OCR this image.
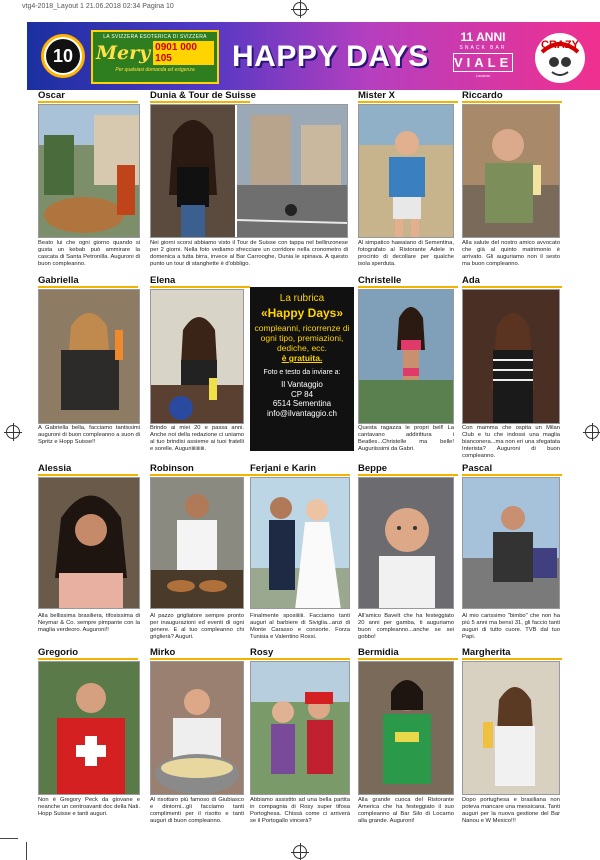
vtg4-2018_Layout 1 21.06.2018 02:34 Pagina 10
10
LA SVIZZERA ESOTERICA DI SVIZZERA
Mery 0901 000 105
Per qualsiasi domanda ed esigenza	HAPPY DAYS
11 ANNI
SNACK BAR
VIALE
Locarno
CRAZY
Oscar
Beato lui che ogni giorno quando si gusta un kebab può ammirare la cascata di Santa Petronilla. Auguroni di buon compleanno.
Dunia & Tour de Suisse
Nei giorni scorsi abbiamo visto il Tour de Suisse con tappa nel bellinzonese per 2 giorni. Nella foto vediamo sfrecciare un corridore nella cronometro di domenica a tutta birra, invece al Bar Carrooghe, Dunia le spinava. A questo punto un tour di stanghette è d'obbligo.
Mister X
Al simpatico hawaiano di Sementina, fotografato al Ristorante Adele in procinto di decollare per qualche isola sperduta.
Riccardo
Alla salute del nostro amico avvocato che già al quinto matrimonio è arrivato. Gli auguriamo non il sesto ma buon compleanno.
Gabriella
A Gabriella bella, facciamo tantissimi auguroni di buon compleanno a suon di Spritz e Hopp Suisse!!
Elena
Brindo ai miei 20 e passa anni. Anche noi della redazione ci uniamo al tuo brindisi assieme ai tuoi fratelli e sorelle. Auguriiiiiiiiiii.
La rubrica
«Happy Days»
compleanni, ricorrenze di ogni tipo, premiazioni, dediche, ecc.
è gratuita.
Foto e testo da inviare a:
Il Vantaggio
CP 84
6514 Sementina
info@ilvantaggio.ch
Christelle
Questa ragazza le propri bell! La cantavano addirittura i Beatles...Christelle ma belle! Auguriissimi da Gabri.
Ada
Con mamma che ospita un Milan Club e tu che indossi una maglia bianconera...ma non eri una sfegatata Interista? Auguroni di buon compleanno.
Alessia
Alla bellissima brasiliera, tifosissima di Neymar & Co. sempre pimpante con la maglia verdeoro. Auguroni!!
Robinson
Al pazzo grigliatore sempre pronto per inaugurazioni ed eventi di ogni genere. E al tuo compleanno chi griglierà? Auguri.
Ferjani e Karin
Finalmente sposiiiiii. Facciamo tanti auguri al barbiere di Siviglia...anzi di Monte Carasso e consorte. Forza Tunisia e Valentino Rossi.
Beppe
All'amico Bavelt che ha festeggiato 20 anni per gamba, ti auguriamo buon compleanno...anche se sei gobbo!
Pascal
Al mio carissimo "bimbo" che non ha più 5 anni ma bensì 31, gli faccio tanti auguri di tutto cuore. TVB dal tuo Papi.
Gregorio
Non è Gregory Peck da giovane e neanche un centroavanti doc della Nati. Hopp Suisse e tanti auguri.
Mirko
Al risottaro più famoso di Giubiasco e dintorni...gli facciamo tanti complimenti per il risotto e tanti auguri di buon compleanno.
Rosy
Abbiamo assistito ad una bella partita in compagnia di Rosy super tifosa Portoghesa. Chissà come ci arriverà se il Portogallo vincerà?
Bermidia
Alla grande cuoca del Ristorante America che ha festeggiato il suo compleanno al Bar Silo di Locarno alla grande. Auguroni!
Margherita
Dopo portughesa e brasiliana non poteva mancare una messicana. Tanti auguri per la nuova gestione del Bar Nanou e W Mexico!!!
